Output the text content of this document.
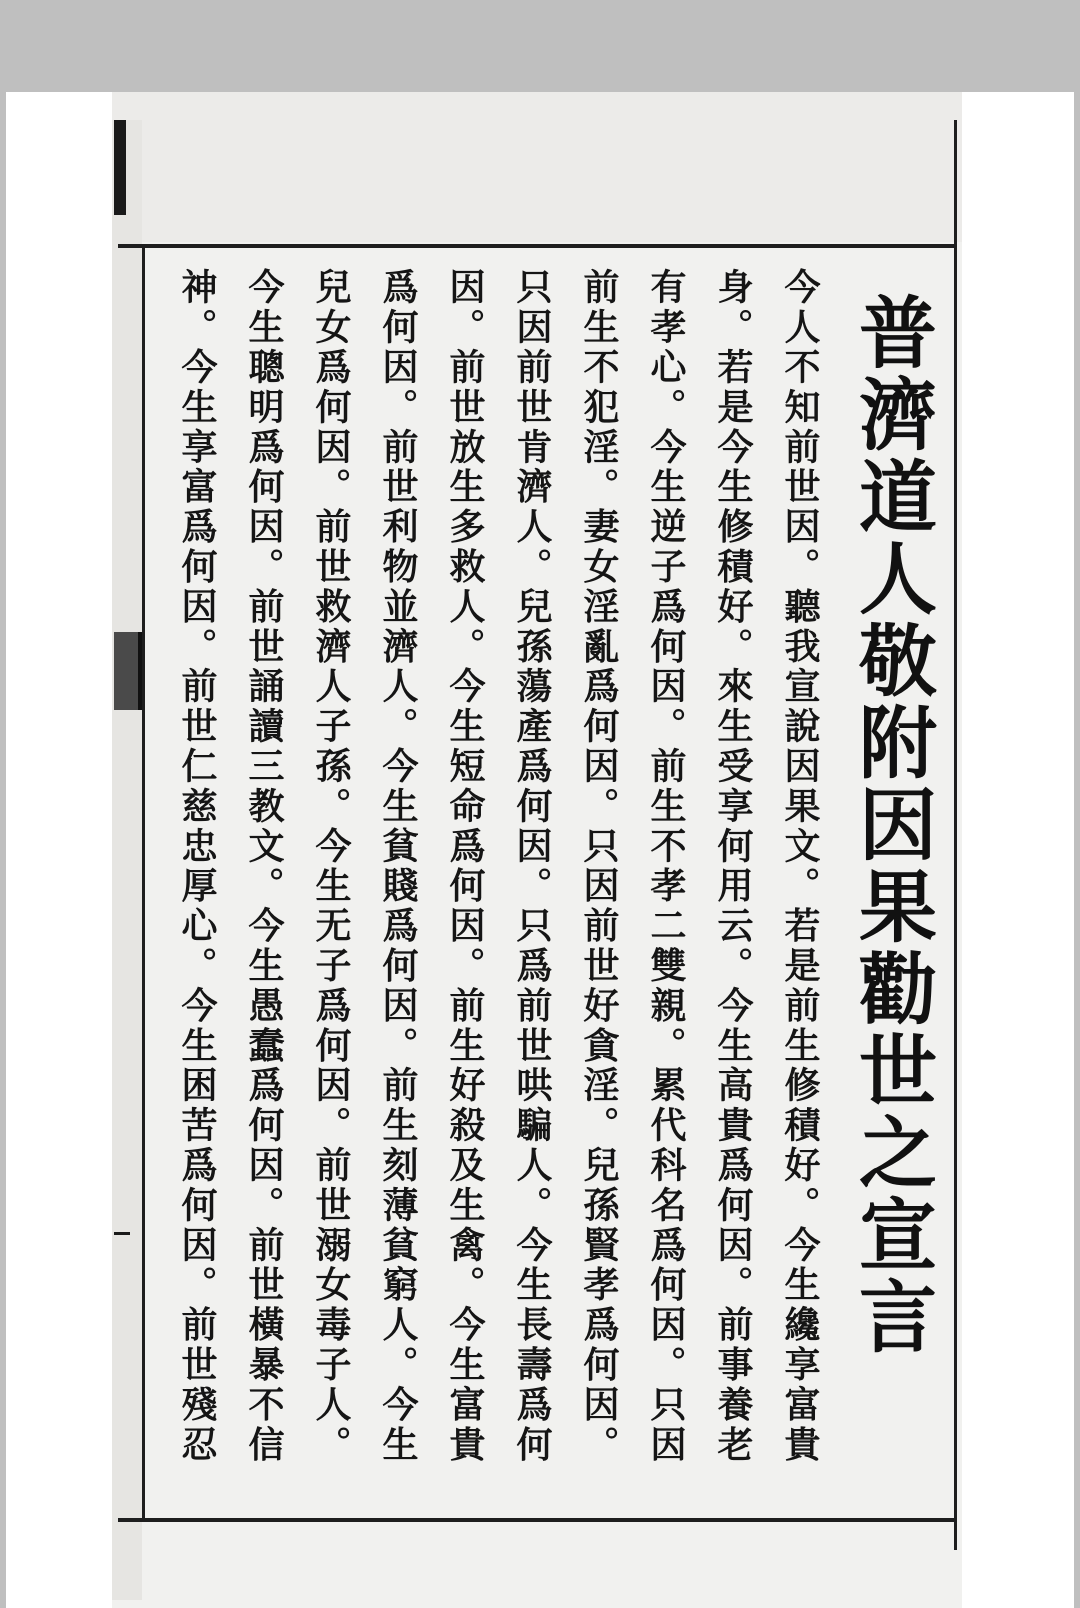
普濟道人敬附因果勸世之宣言
今人不知前世因。聽我宣說因果文。若是前生修積好。今生纔享富貴
身。若是今生修積好。來生受享何用云。今生高貴爲何因。前事養老
有孝心。今生逆子爲何因。前生不孝二雙親。累代科名爲何因。只因
前生不犯淫。妻女淫亂爲何因。只因前世好貪淫。兒孫賢孝爲何因。
只因前世肯濟人。兒孫蕩產爲何因。只爲前世哄騙人。今生長壽爲何
因。前世放生多救人。今生短命爲何因。前生好殺及生禽。今生富貴
爲何因。前世利物並濟人。今生貧賤爲何因。前生刻薄貧窮人。今生
兒女爲何因。前世救濟人子孫。今生无子爲何因。前世溺女毒子人。
今生聰明爲何因。前世誦讀三教文。今生愚蠢爲何因。前世橫暴不信
神。今生享富爲何因。前世仁慈忠厚心。今生困苦爲何因。前世殘忍
